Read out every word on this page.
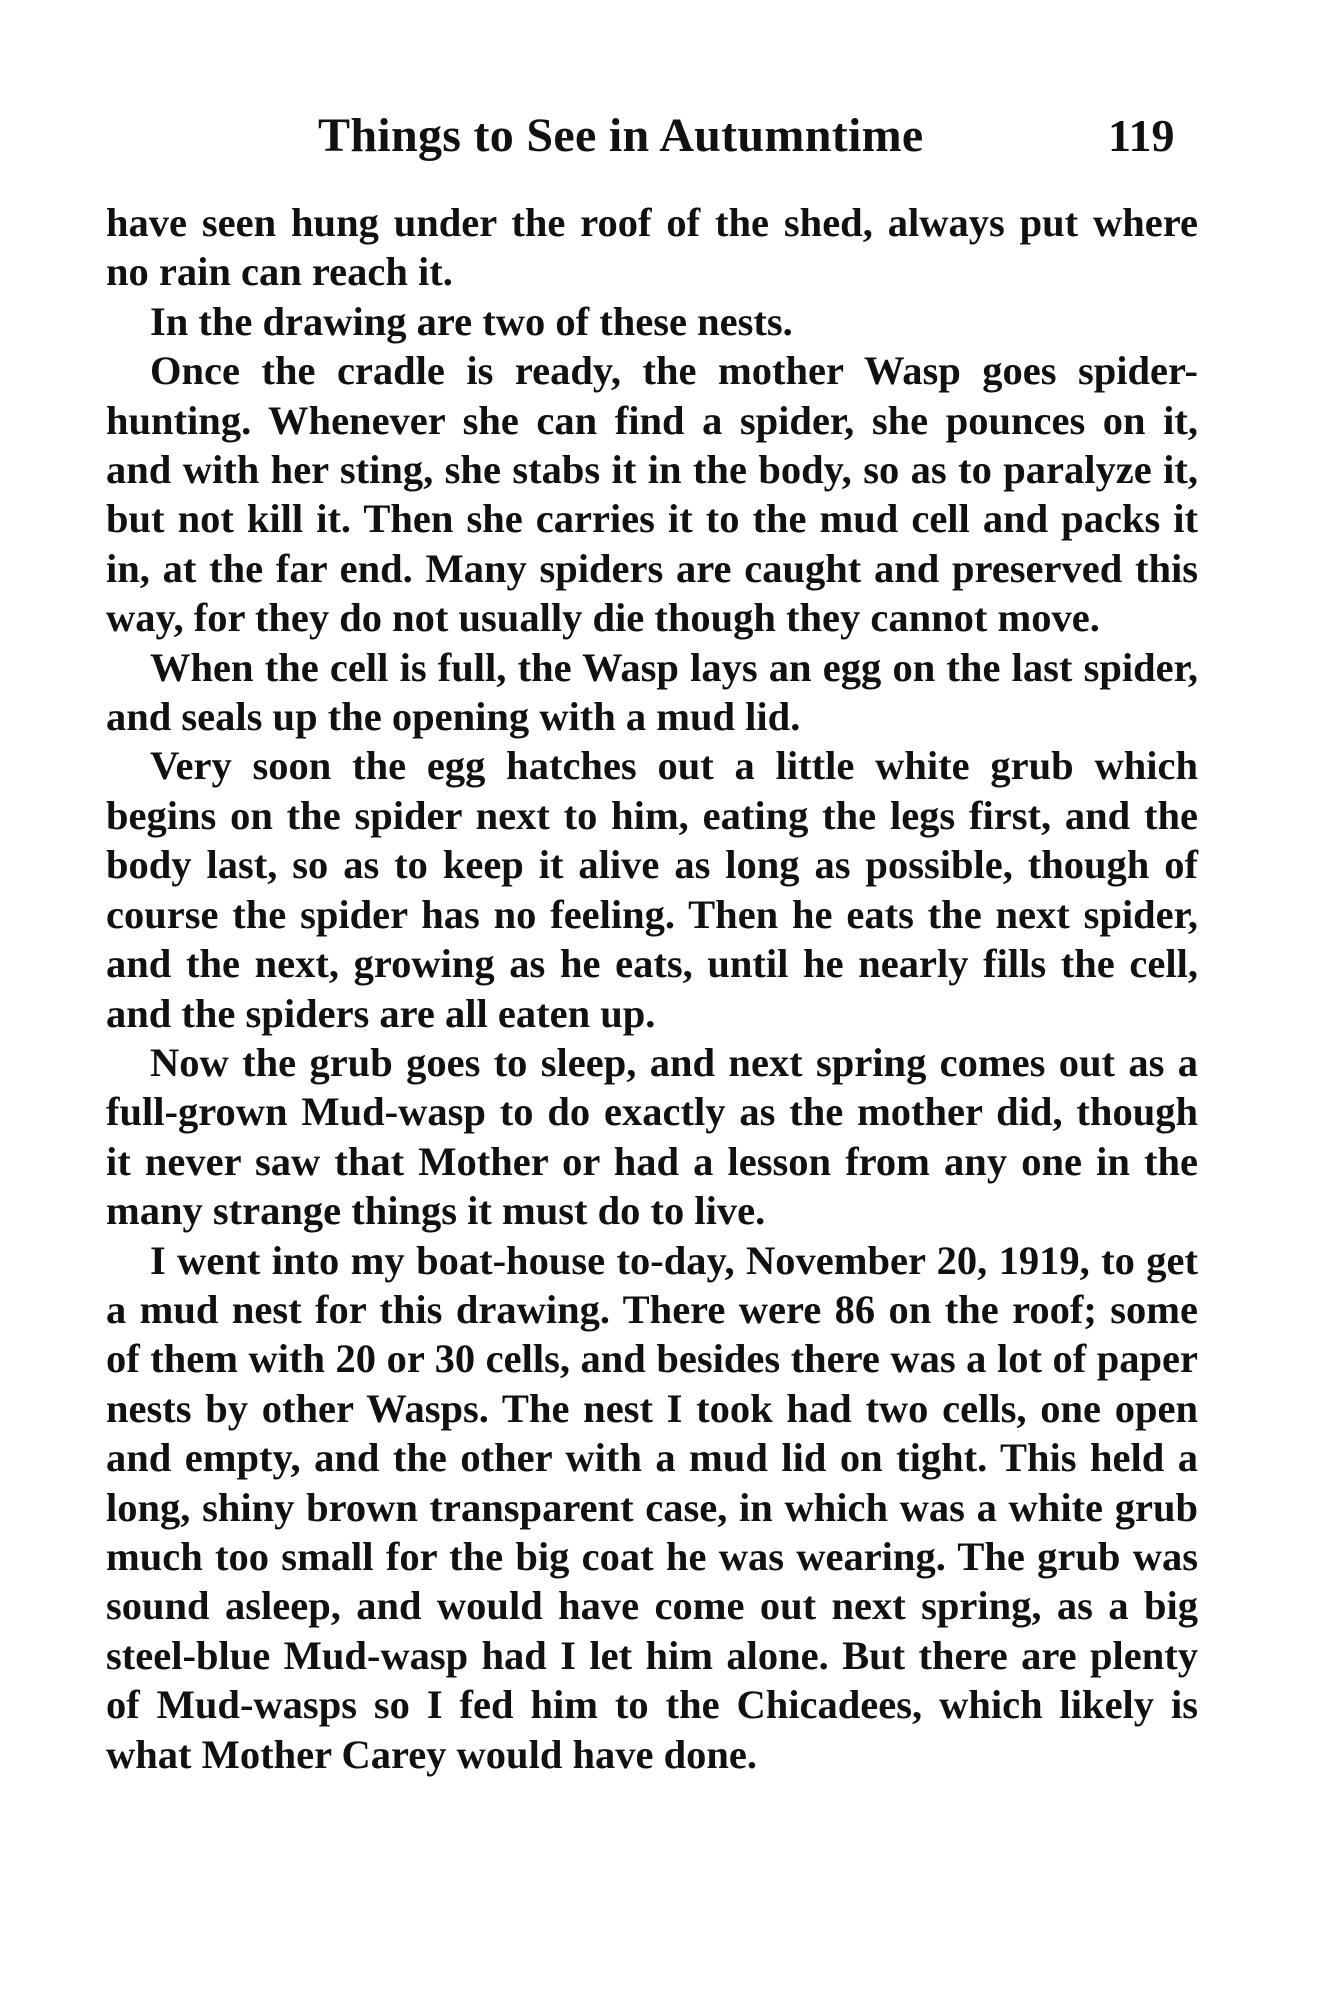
Things to See in Autumntime	119

have seen hung under the roof of the shed, always put where no rain can reach it.

In the drawing are two of these nests.

Once the cradle is ready, the mother Wasp goes spider-hunting. Whenever she can find a spider, she pounces on it, and with her sting, she stabs it in the body, so as to paralyze it, but not kill it. Then she carries it to the mud cell and packs it in, at the far end. Many spiders are caught and preserved this way, for they do not usually die though they cannot move.

When the cell is full, the Wasp lays an egg on the last spider, and seals up the opening with a mud lid.

Very soon the egg hatches out a little white grub which begins on the spider next to him, eating the legs first, and the body last, so as to keep it alive as long as possible, though of course the spider has no feeling. Then he eats the next spider, and the next, growing as he eats, until he nearly fills the cell, and the spiders are all eaten up.

Now the grub goes to sleep, and next spring comes out as a full-grown Mud-wasp to do exactly as the mother did, though it never saw that Mother or had a lesson from any one in the many strange things it must do to live.

I went into my boat-house to-day, November 20, 1919, to get a mud nest for this drawing. There were 86 on the roof; some of them with 20 or 30 cells, and besides there was a lot of paper nests by other Wasps. The nest I took had two cells, one open and empty, and the other with a mud lid on tight. This held a long, shiny brown transparent case, in which was a white grub much too small for the big coat he was wearing. The grub was sound asleep, and would have come out next spring, as a big steel-blue Mud-wasp had I let him alone. But there are plenty of Mud-wasps so I fed him to the Chicadees, which likely is what Mother Carey would have done.
